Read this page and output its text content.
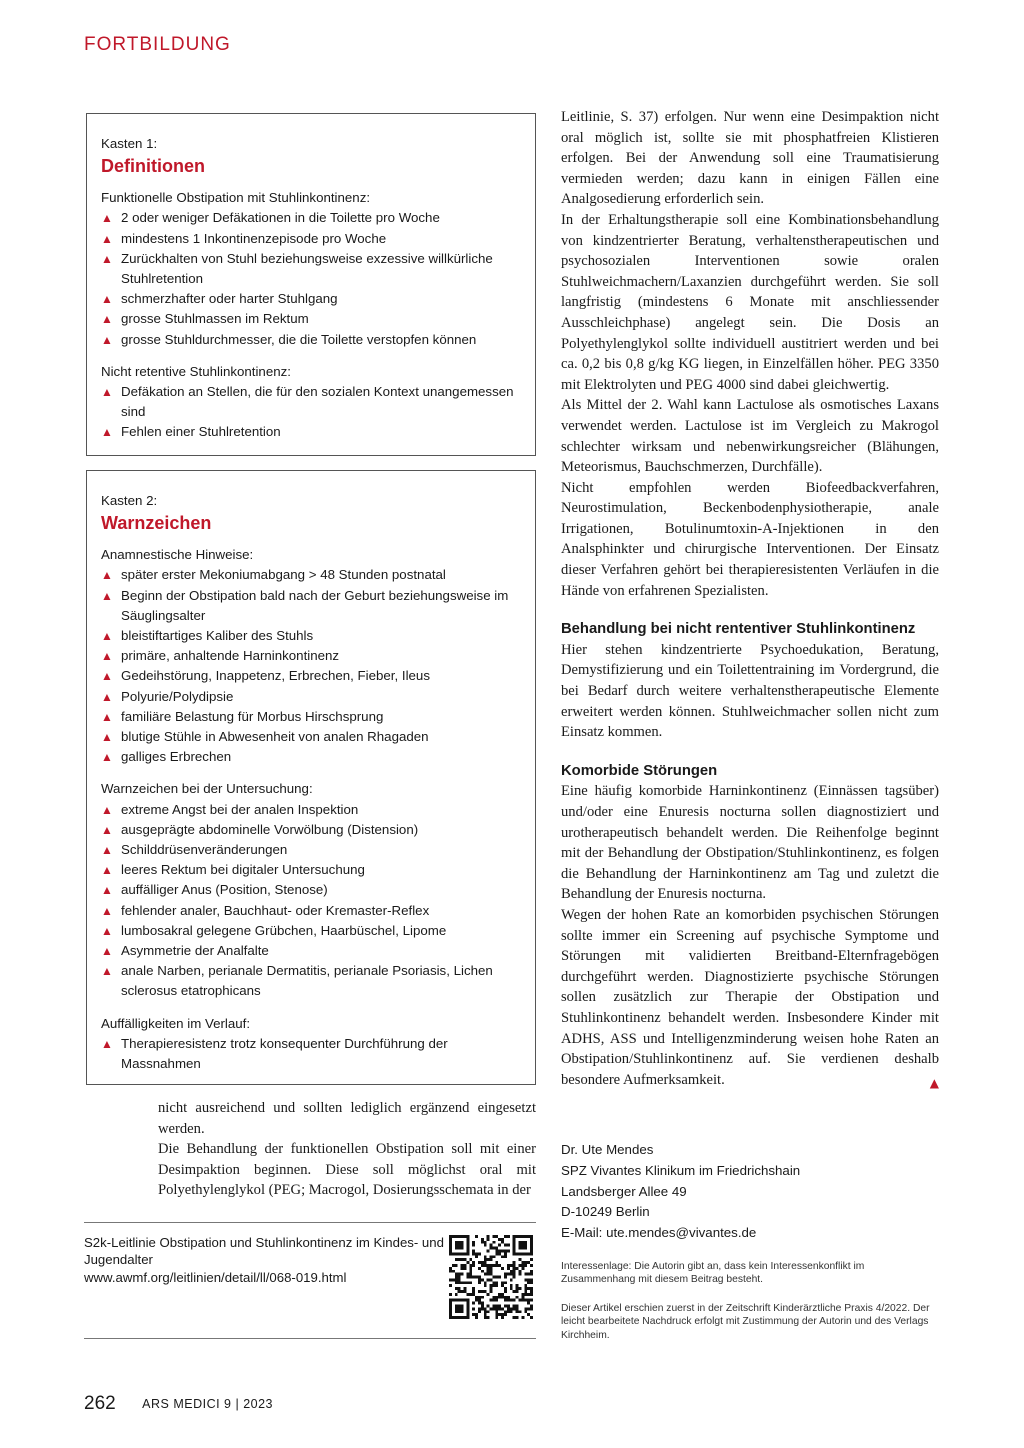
FORTBILDUNG
Kasten 1:
Definitionen
Funktionelle Obstipation mit Stuhlinkontinenz:
▲ 2 oder weniger Defäkationen in die Toilette pro Woche
▲ mindestens 1 Inkontinenzepisode pro Woche
▲ Zurückhalten von Stuhl beziehungsweise exzessive willkürliche Stuhlretention
▲ schmerzhafter oder harter Stuhlgang
▲ grosse Stuhlmassen im Rektum
▲ grosse Stuhldurchmesser, die die Toilette verstopfen können
Nicht retentive Stuhlinkontinenz:
▲ Defäkation an Stellen, die für den sozialen Kontext unangemessen sind
▲ Fehlen einer Stuhlretention
Kasten 2:
Warnzeichen
Anamnestische Hinweise:
▲ später erster Mekoniumabgang > 48 Stunden postnatal
▲ Beginn der Obstipation bald nach der Geburt beziehungsweise im Säuglingsalter
▲ bleistiftartiges Kaliber des Stuhls
▲ primäre, anhaltende Harninkontinenz
▲ Gedeihstörung, Inappetenz, Erbrechen, Fieber, Ileus
▲ Polyurie/Polydipsie
▲ familiäre Belastung für Morbus Hirschsprung
▲ blutige Stühle in Abwesenheit von analen Rhagaden
▲ galliges Erbrechen
Warnzeichen bei der Untersuchung:
▲ extreme Angst bei der analen Inspektion
▲ ausgeprägte abdominelle Vorwölbung (Distension)
▲ Schilddrüsenveränderungen
▲ leeres Rektum bei digitaler Untersuchung
▲ auffälliger Anus (Position, Stenose)
▲ fehlender analer, Bauchhaut- oder Kremaster-Reflex
▲ lumbosakral gelegene Grübchen, Haarbüschel, Lipome
▲ Asymmetrie der Analfalte
▲ anale Narben, perianale Dermatitis, perianale Psoriasis, Lichen sclerosus etatrophicans
Auffälligkeiten im Verlauf:
▲ Therapieresistenz trotz konsequenter Durchführung der Massnahmen

nicht ausreichend und sollten lediglich ergänzend eingesetzt werden.

Die Behandlung der funktionellen Obstipation soll mit einer Desimpaktion beginnen. Diese soll möglichst oral mit Polyethylenglykol (PEG; Macrogol, Dosierungsschemata in der

Leitlinie, S. 37) erfolgen. Nur wenn eine Desimpaktion nicht oral möglich ist, sollte sie mit phosphatfreien Klistieren erfolgen. Bei der Anwendung soll eine Traumatisierung vermieden werden; dazu kann in einigen Fällen eine Analgosedierung erforderlich sein.

In der Erhaltungstherapie soll eine Kombinationsbehandlung von kindzentrierter Beratung, verhaltenstherapeutischen und psychosozialen Interventionen sowie oralen Stuhlweichmachern/Laxanzien durchgeführt werden. Sie soll langfristig (mindestens 6 Monate mit anschliessender Ausschleichphase) angelegt sein. Die Dosis an Polyethylenglykol sollte individuell austitriert werden und bei ca. 0,2 bis 0,8 g/kg KG liegen, in Einzelfällen höher. PEG 3350 mit Elektrolyten und PEG 4000 sind dabei gleichwertig.

Als Mittel der 2. Wahl kann Lactulose als osmotisches Laxans verwendet werden. Lactulose ist im Vergleich zu Makrogol schlechter wirksam und nebenwirkungsreicher (Blähungen, Meteorismus, Bauchschmerzen, Durchfälle).

Nicht empfohlen werden Biofeedbackverfahren, Neurostimulation, Beckenbodenphysiotherapie, anale Irrigationen, Botulinumtoxin-A-Injektionen in den Analsphinkter und chirurgische Interventionen. Der Einsatz dieser Verfahren gehört bei therapieresistenten Verläufen in die Hände von erfahrenen Spezialisten.

Behandlung bei nicht rententiver Stuhlinkontinenz

Hier stehen kindzentrierte Psychoedukation, Beratung, Demystifizierung und ein Toilettentraining im Vordergrund, die bei Bedarf durch weitere verhaltenstherapeutische Elemente erweitert werden können. Stuhlweichmacher sollen nicht zum Einsatz kommen.

Komorbide Störungen

Eine häufig komorbide Harninkontinenz (Einnässen tagsüber) und/oder eine Enuresis nocturna sollen diagnostiziert und urotherapeutisch behandelt werden. Die Reihenfolge beginnt mit der Behandlung der Obstipation/Stuhlinkontinenz, es folgen die Behandlung der Harninkontinenz am Tag und zuletzt die Behandlung der Enuresis nocturna.

Wegen der hohen Rate an komorbiden psychischen Störungen sollte immer ein Screening auf psychische Symptome und Störungen mit validierten Breitband-Elternfragebögen durchgeführt werden. Diagnostizierte psychische Störungen sollen zusätzlich zur Therapie der Obstipation und Stuhlinkontinenz behandelt werden. Insbesondere Kinder mit ADHS, ASS und Intelligenzminderung weisen hohe Raten an Obstipation/Stuhlinkontinenz auf. Sie verdienen deshalb besondere Aufmerksamkeit.	▲

Dr. Ute Mendes
SPZ Vivantes Klinikum im Friedrichshain
Landsberger Allee 49
D-10249 Berlin
E-Mail: ute.mendes@vivantes.de
Interessenlage: Die Autorin gibt an, dass kein Interessenkonflikt im Zusammenhang mit diesem Beitrag besteht.
Dieser Artikel erschien zuerst in der Zeitschrift Kinderärztliche Praxis 4/2022. Der leicht bearbeitete Nachdruck erfolgt mit Zustimmung der Autorin und des Verlags Kirchheim.
S2k-Leitlinie Obstipation und Stuhlinkontinenz im Kindes- und Jugendalter
www.awmf.org/leitlinien/detail/ll/068-019.html
262 ARS MEDICI 9 | 2023
